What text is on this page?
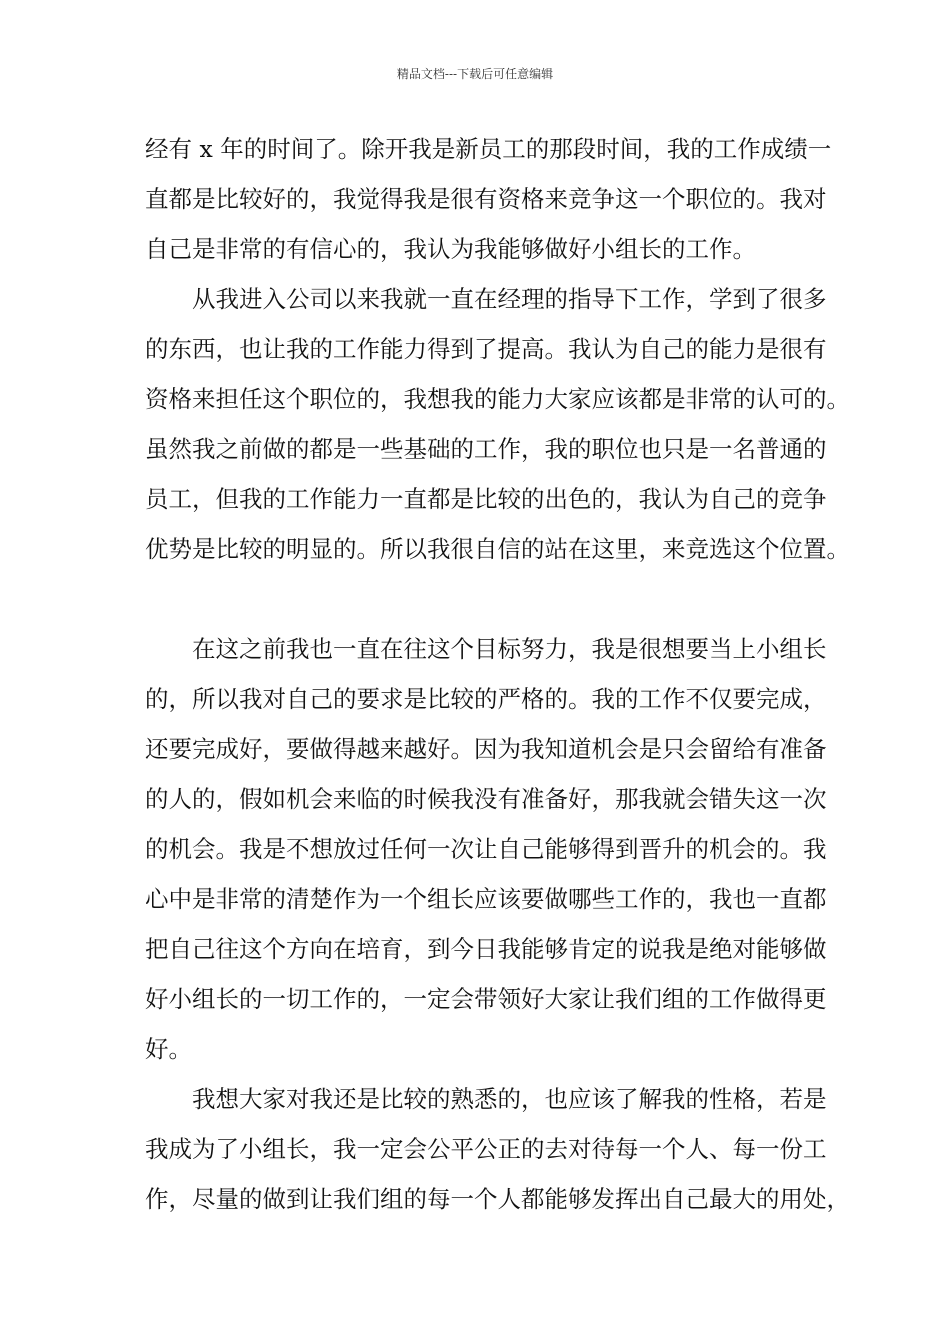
精品文档---下载后可任意编辑
经有 x 年的时间了。除开我是新员工的那段时间，我的工作成绩一
直都是比较好的，我觉得我是很有资格来竞争这一个职位的。我对
自己是非常的有信心的，我认为我能够做好小组长的工作。
　　从我进入公司以来我就一直在经理的指导下工作，学到了很多
的东西，也让我的工作能力得到了提高。我认为自己的能力是很有
资格来担任这个职位的，我想我的能力大家应该都是非常的认可的。
虽然我之前做的都是一些基础的工作，我的职位也只是一名普通的
员工，但我的工作能力一直都是比较的出色的，我认为自己的竞争
优势是比较的明显的。所以我很自信的站在这里，来竞选这个位置。
　　在这之前我也一直在往这个目标努力，我是很想要当上小组长
的，所以我对自己的要求是比较的严格的。我的工作不仅要完成，
还要完成好，要做得越来越好。因为我知道机会是只会留给有准备
的人的，假如机会来临的时候我没有准备好，那我就会错失这一次
的机会。我是不想放过任何一次让自己能够得到晋升的机会的。我
心中是非常的清楚作为一个组长应该要做哪些工作的，我也一直都
把自己往这个方向在培育，到今日我能够肯定的说我是绝对能够做
好小组长的一切工作的，一定会带领好大家让我们组的工作做得更
好。
　　我想大家对我还是比较的熟悉的，也应该了解我的性格，若是
我成为了小组长，我一定会公平公正的去对待每一个人、每一份工
作，尽量的做到让我们组的每一个人都能够发挥出自己最大的用处，
